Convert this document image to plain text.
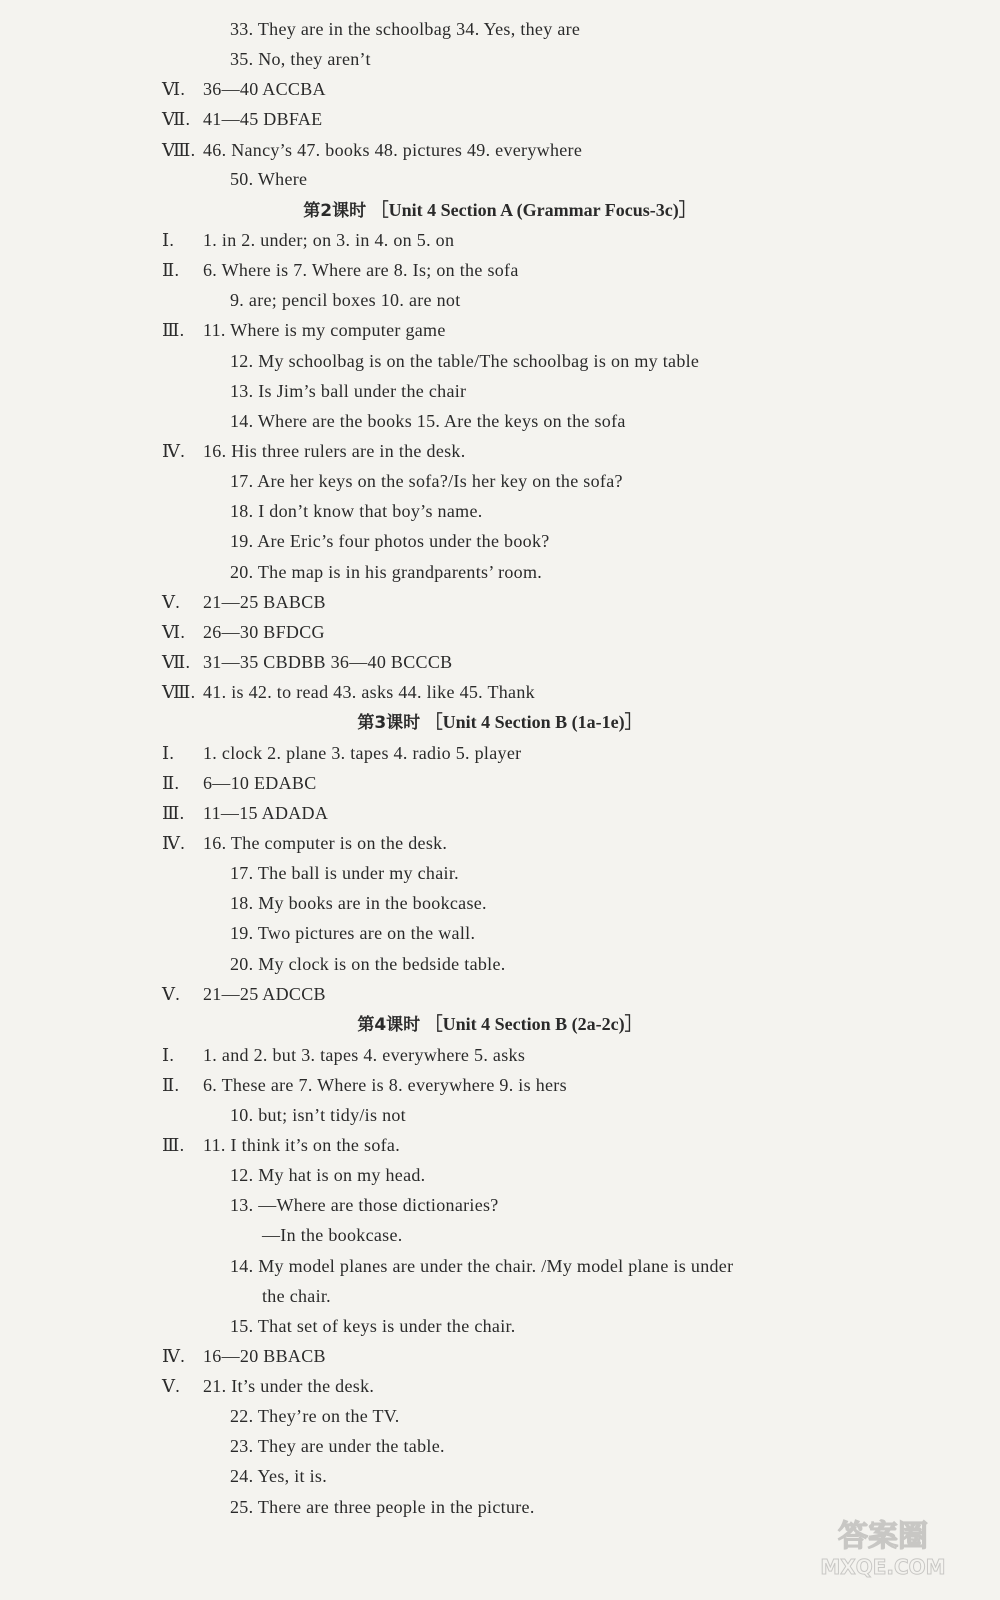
33. They are in the schoolbag 34. Yes, they are
35. No, they aren’t
Ⅵ. 36—40 ACCBA
Ⅶ. 41—45 DBFAE
Ⅷ. 46. Nancy’s 47. books 48. pictures 49. everywhere
50. Where
第2课时 ［Unit 4 Section A (Grammar Focus-3c)］
Ⅰ.	1. in 2. under; on 3. in 4. on 5. on
Ⅱ.	6. Where is 7. Where are 8. Is; on the sofa
9. are; pencil boxes 10. are not
Ⅲ.	11. Where is my computer game
12. My schoolbag is on the table/The schoolbag is on my table
13. Is Jim’s ball under the chair
14. Where are the books 15. Are the keys on the sofa
Ⅳ. 16. His three rulers are in the desk.
17. Are her keys on the sofa?/Is her key on the sofa?
18. I don’t know that boy’s name.
19. Are Eric’s four photos under the book?
20. The map is in his grandparents’ room.
Ⅴ.	21—25 BABCB
Ⅵ. 26—30 BFDCG
Ⅶ. 31—35 CBDBB 36—40 BCCCB
Ⅷ. 41. is 42. to read 43. asks 44. like 45. Thank
第3课时 ［Unit 4 Section B (1a-1e)］
Ⅰ.	1. clock 2. plane 3. tapes 4. radio 5. player
Ⅱ.	6—10 EDABC
Ⅲ.	11—15 ADADA
Ⅳ. 16. The computer is on the desk.
17. The ball is under my chair.
18. My books are in the bookcase.
19. Two pictures are on the wall.
20. My clock is on the bedside table.
Ⅴ.	21—25 ADCCB
第4课时 ［Unit 4 Section B (2a-2c)］
Ⅰ.	1. and 2. but 3. tapes 4. everywhere 5. asks
Ⅱ.	6. These are 7. Where is 8. everywhere 9. is hers
10. but; isn’t tidy/is not
Ⅲ.	11. I think it’s on the sofa.
12. My hat is on my head.
13. —Where are those dictionaries?
—In the bookcase.
14. My model planes are under the chair. /My model plane is under
the chair.
15. That set of keys is under the chair.
Ⅳ. 16—20 BBACB
Ⅴ.	21. It’s under the desk.
22. They’re on the TV.
23. They are under the table.
24. Yes, it is.
25. There are three people in the picture.
答案圈
MXQE.COM
